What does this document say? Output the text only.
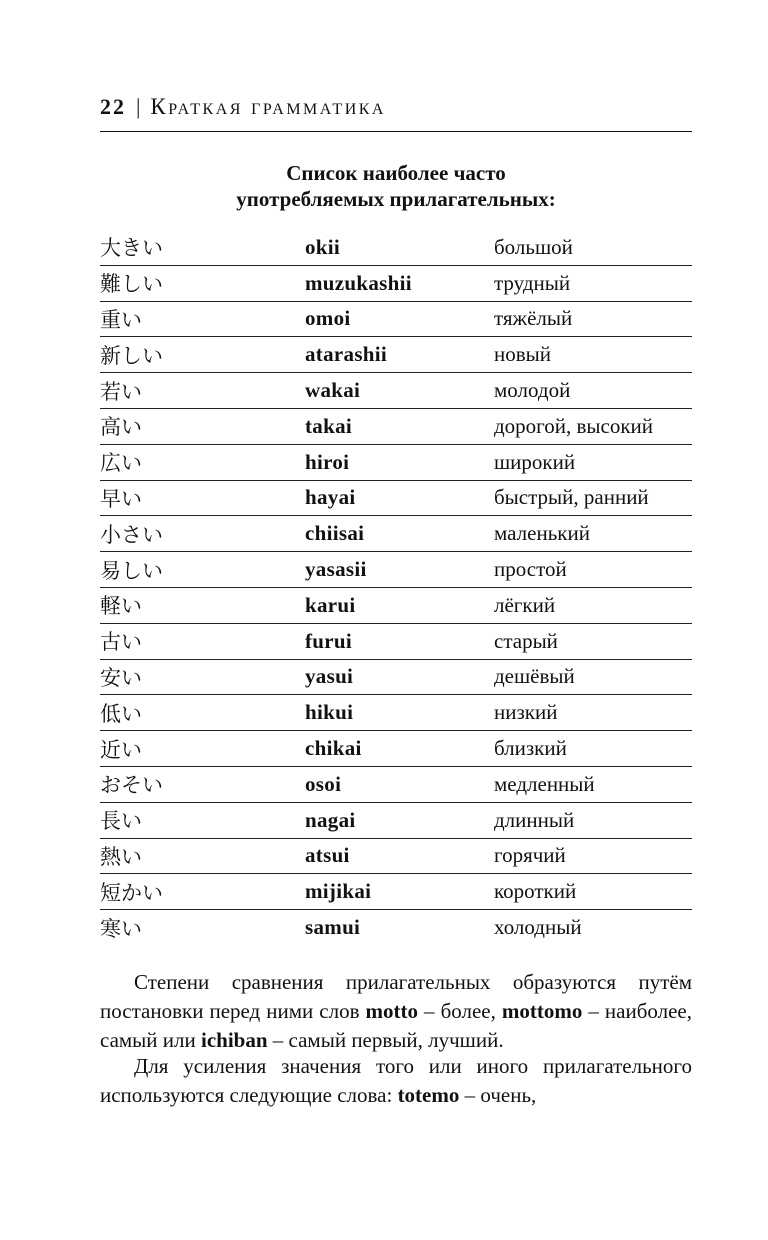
22 | Краткая грамматика
Список наиболее часто
употребляемых прилагательных:
大きい	okii	большой
難しい	muzukashii	трудный
重い	omoi	тяжёлый
新しい	atarashii	новый
若い	wakai	молодой
高い	takai	дорогой, высокий
広い	hiroi	широкий
早い	hayai	быстрый, ранний
小さい	chiisai	маленький
易しい	yasasii	простой
軽い	karui	лёгкий
古い	furui	старый
安い	yasui	дешёвый
低い	hikui	низкий
近い	chikai	близкий
おそい	osoi	медленный
長い	nagai	длинный
熱い	atsui	горячий
短かい	mijikai	короткий
寒い	samui	холодный
Степени сравнения прилагательных образуются путём постановки перед ними слов motto – более, mottomo – наиболее, самый или ichiban – самый первый, лучший.
Для усиления значения того или иного прилагательного используются следующие слова: totemo – очень,
